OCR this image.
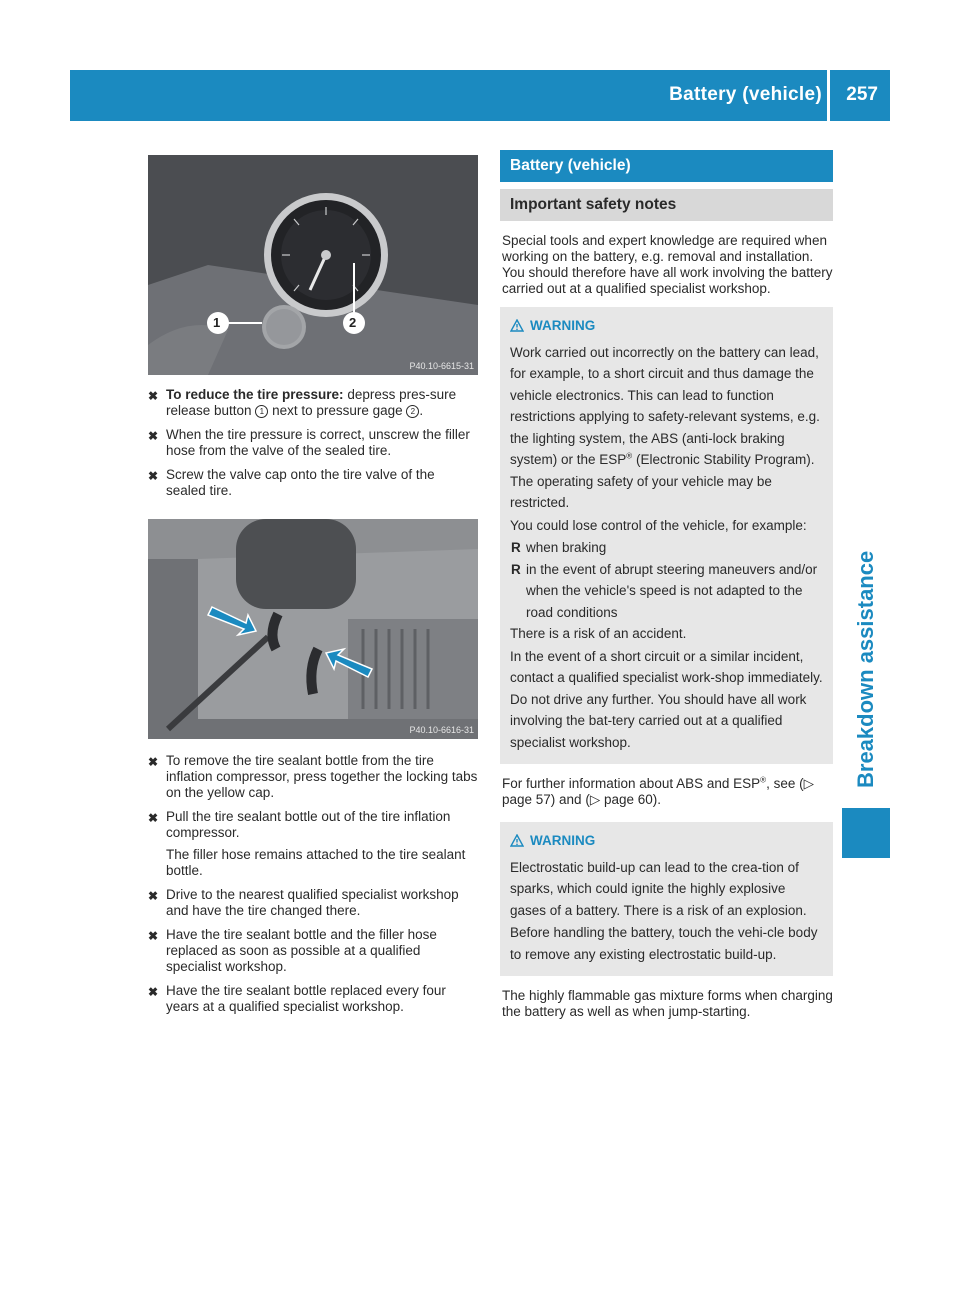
Battery (vehicle) 257
Breakdown assistance
1	2
P40.10-6615-31
✖ To reduce the tire pressure: depress pres-sure release button 1 next to pressure gage 2 .
✖ When the tire pressure is correct, unscrew the filler hose from the valve of the sealed tire.
✖ Screw the valve cap onto the tire valve of the sealed tire.
P40.10-6616-31
✖ To remove the tire sealant bottle from the tire inflation compressor, press together the locking tabs on the yellow cap.
✖ Pull the tire sealant bottle out of the tire inflation compressor.
The filler hose remains attached to the tire sealant bottle.
✖ Drive to the nearest qualified specialist workshop and have the tire changed there.
✖ Have the tire sealant bottle and the filler hose replaced as soon as possible at a qualified specialist workshop.
✖ Have the tire sealant bottle replaced every four years at a qualified specialist workshop.
Battery (vehicle)
Important safety notes
Special tools and expert knowledge are required when working on the battery, e.g. removal and installation. You should therefore have all work involving the battery carried out at a qualified specialist workshop.
WARNING

Work carried out incorrectly on the battery can lead, for example, to a short circuit and thus damage the vehicle electronics. This can lead to function restrictions applying to safety-relevant systems, e.g. the lighting system, the ABS (anti-lock braking system) or the ESP® (Electronic Stability Program). The operating safety of your vehicle may be restricted.

You could lose control of the vehicle, for example:

R when braking
R in the event of abrupt steering maneuvers and/or when the vehicle's speed is not adapted to the road conditions

There is a risk of an accident.

In the event of a short circuit or a similar incident, contact a qualified specialist work-shop immediately. Do not drive any further. You should have all work involving the bat-tery carried out at a qualified specialist workshop.

For further information about ABS and ESP®, see (▷ page 57) and (▷ page 60).
WARNING

Electrostatic build-up can lead to the crea-tion of sparks, which could ignite the highly explosive gases of a battery. There is a risk of an explosion.

Before handling the battery, touch the vehi-cle body to remove any existing electrostatic build-up.

The highly flammable gas mixture forms when charging the battery as well as when jump-starting.
